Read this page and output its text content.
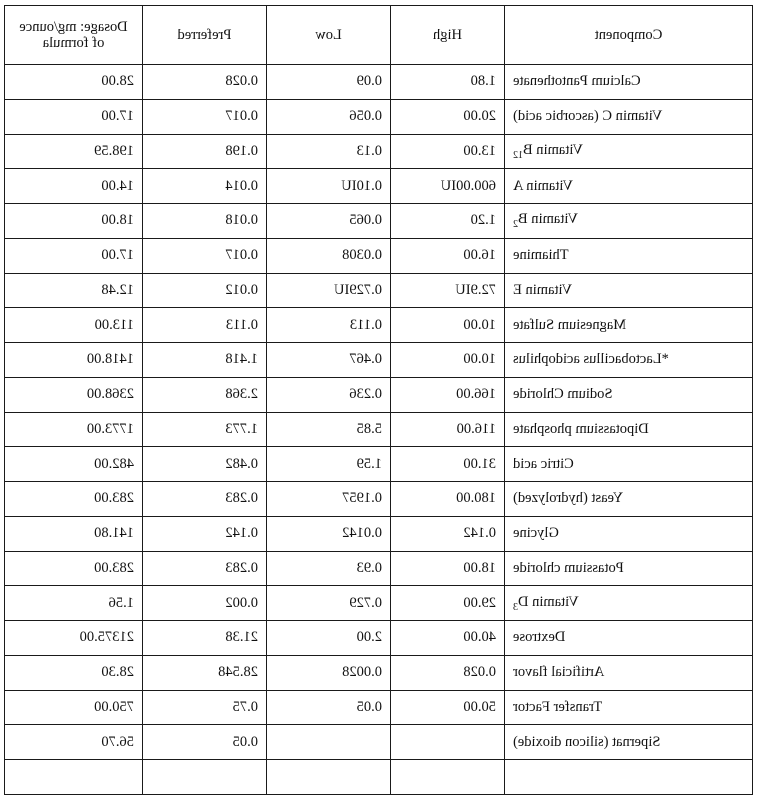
Component	High	Low	Preferred	Dosage: mg/ounce
of formula
Calcium Pantothenate	1.80	0.09	0.028	28.00
Vitamin C (ascorbic acid)	20.00	0.056	0.017	17.00
Vitamin $B_{12}$	13.00	0.13	0.198	198.59
Vitamin A	600.00IU	0.10IU	0.014	14.00
Vitamin $B_2$	1.20	0.065	0.018	18.00
Thiamine	16.00	0.0308	0.017	17.00
Vitamin E	72.9IU	0.729IU	0.012	12.48
Magnesium Sulfate	10.00	0.113	0.113	113.00
*Lactobacillus acidophilus	10.00	0.467	1.418	1418.00
Sodium Chloride	166.00	0.236	2.368	2368.00
Dipotassium phosphate	116.00	5.85	1.773	1773.00
Citric acid	31.00	1.59	0.482	482.00
Yeast (hydrolyzed)	180.00	0.1957	0.283	283.00
Glycine	0.142	0.0142	0.142	141.80
Potassium chloride	18.00	0.93	0.283	283.00
Vitamin $D_3$	29.00	0.729	0.002	1.56
Dextrose	40.00	2.00	21.38	21375.00
Artificial flavor	0.028	0.0028	28.548	28.30
Transfer Factor	50.00	0.05	0.75	750.00
Sipernat (silicon dioxide)			0.05	56.70
